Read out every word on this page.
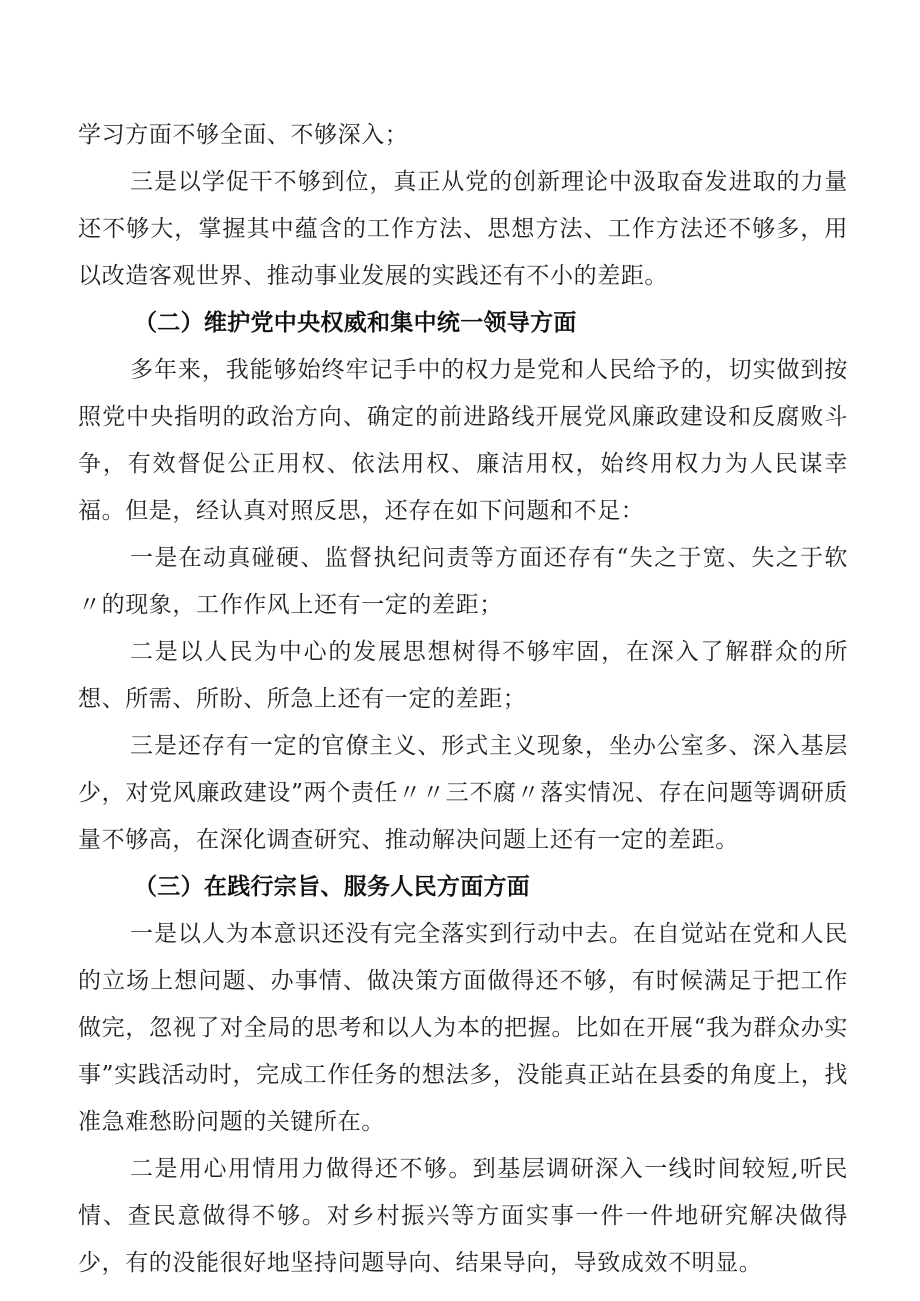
学习方面不够全面、不够深入；

三是以学促干不够到位，真正从党的创新理论中汲取奋发进取的力量还不够大，掌握其中蕴含的工作方法、思想方法、工作方法还不够多，用以改造客观世界、推动事业发展的实践还有不小的差距。

（二）维护党中央权威和集中统一领导方面

多年来，我能够始终牢记手中的权力是党和人民给予的，切实做到按照党中央指明的政治方向、确定的前进路线开展党风廉政建设和反腐败斗争，有效督促公正用权、依法用权、廉洁用权，始终用权力为人民谋幸福。但是，经认真对照反思，还存在如下问题和不足：

一是在动真碰硬、监督执纪问责等方面还存有“失之于宽、失之于软〃的现象，工作作风上还有一定的差距；

二是以人民为中心的发展思想树得不够牢固，在深入了解群众的所想、所需、所盼、所急上还有一定的差距；

三是还存有一定的官僚主义、形式主义现象，坐办公室多、深入基层少，对党风廉政建设”两个责任〃〃三不腐〃落实情况、存在问题等调研质量不够高，在深化调查研究、推动解决问题上还有一定的差距。

（三）在践行宗旨、服务人民方面方面

一是以人为本意识还没有完全落实到行动中去。在自觉站在党和人民的立场上想问题、办事情、做决策方面做得还不够，有时候满足于把工作做完，忽视了对全局的思考和以人为本的把握。比如在开展“我为群众办实事”实践活动时，完成工作任务的想法多，没能真正站在县委的角度上，找准急难愁盼问题的关键所在。

二是用心用情用力做得还不够。到基层调研深入一线时间较短,听民情、查民意做得不够。对乡村振兴等方面实事一件一件地研究解决做得少，有的没能很好地坚持问题导向、结果导向，导致成效不明显。
